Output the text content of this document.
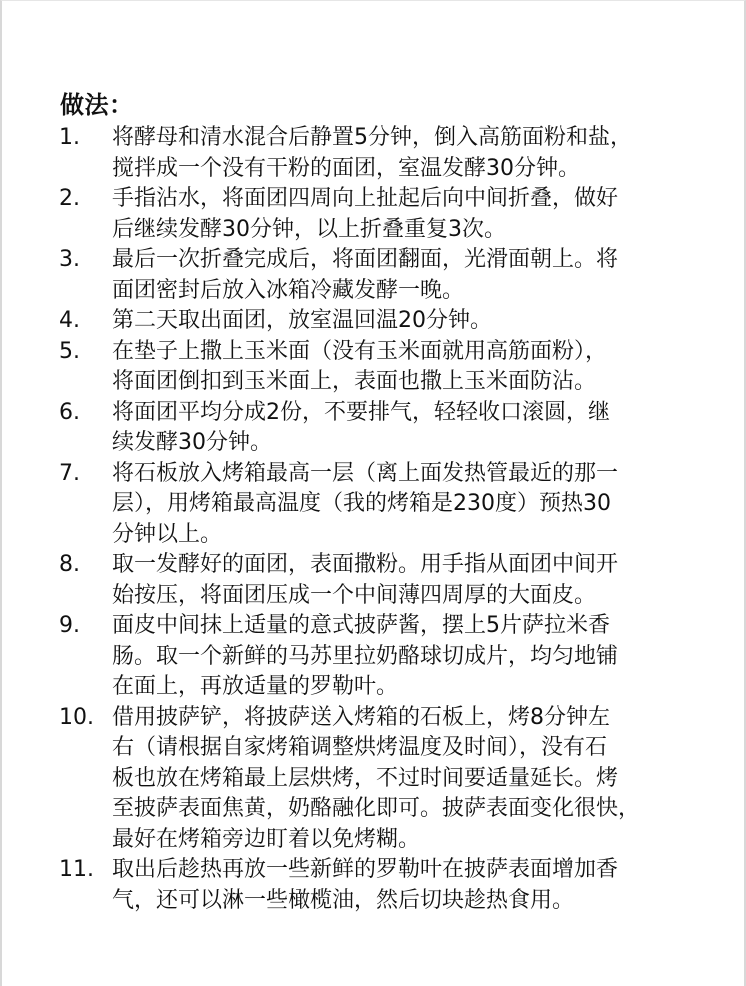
做法：
1. 将酵母和清水混合后静置5分钟，倒入高筋面粉和盐，
搅拌成一个没有干粉的面团，室温发酵30分钟。
2. 手指沾水，将面团四周向上扯起后向中间折叠，做好
后继续发酵30分钟，以上折叠重复3次。
3. 最后一次折叠完成后，将面团翻面，光滑面朝上。将
面团密封后放入冰箱冷藏发酵一晚。
4. 第二天取出面团，放室温回温20分钟。
5. 在垫子上撒上玉米面（没有玉米面就用高筋面粉），
将面团倒扣到玉米面上，表面也撒上玉米面防沾。
6. 将面团平均分成2份，不要排气，轻轻收口滚圆，继
续发酵30分钟。
7. 将石板放入烤箱最高一层（离上面发热管最近的那一
层），用烤箱最高温度（我的烤箱是230度）预热30
分钟以上。
8. 取一发酵好的面团，表面撒粉。用手指从面团中间开
始按压，将面团压成一个中间薄四周厚的大面皮。
9. 面皮中间抹上适量的意式披萨酱，摆上5片萨拉米香
肠。取一个新鲜的马苏里拉奶酪球切成片，均匀地铺
在面上，再放适量的罗勒叶。
10. 借用披萨铲，将披萨送入烤箱的石板上，烤8分钟左
右（请根据自家烤箱调整烘烤温度及时间），没有石
板也放在烤箱最上层烘烤，不过时间要适量延长。烤
至披萨表面焦黄，奶酪融化即可。披萨表面变化很快，
最好在烤箱旁边盯着以免烤糊。
11. 取出后趁热再放一些新鲜的罗勒叶在披萨表面增加香
气，还可以淋一些橄榄油，然后切块趁热食用。
